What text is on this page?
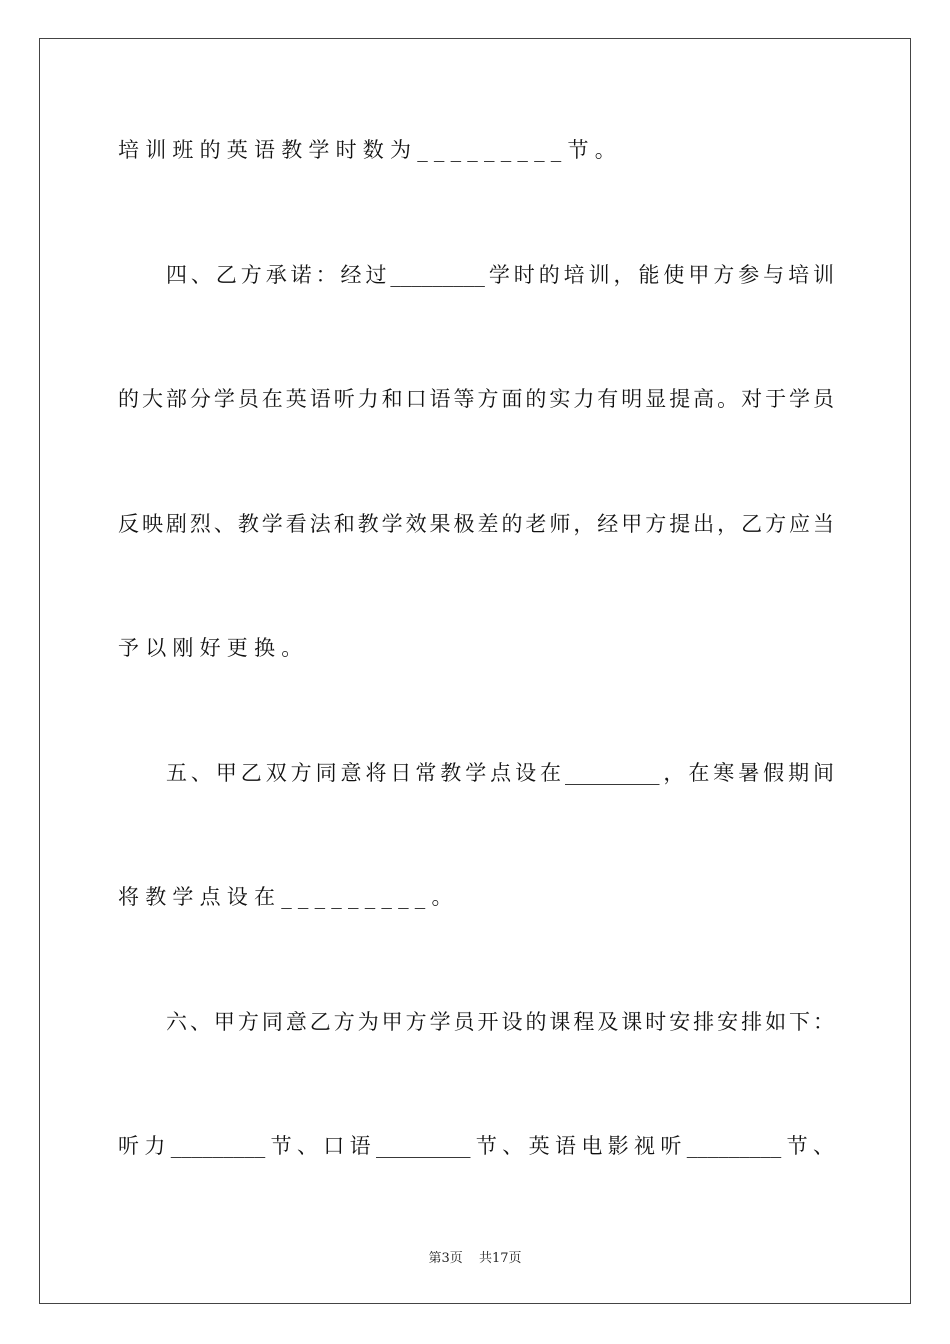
培训班的英语教学时数为_________节。
四、乙方承诺：经过_________学时的培训，能使甲方参与培训
的大部分学员在英语听力和口语等方面的实力有明显提高。对于学员
反映剧烈、教学看法和教学效果极差的老师，经甲方提出，乙方应当
予以刚好更换。
五、甲乙双方同意将日常教学点设在_________，在寒暑假期间
将教学点设在_________。
六、甲方同意乙方为甲方学员开设的课程及课时安排安排如下：
听力_________节、口语_________节、英语电影视听_________节、
第3页 共17页
